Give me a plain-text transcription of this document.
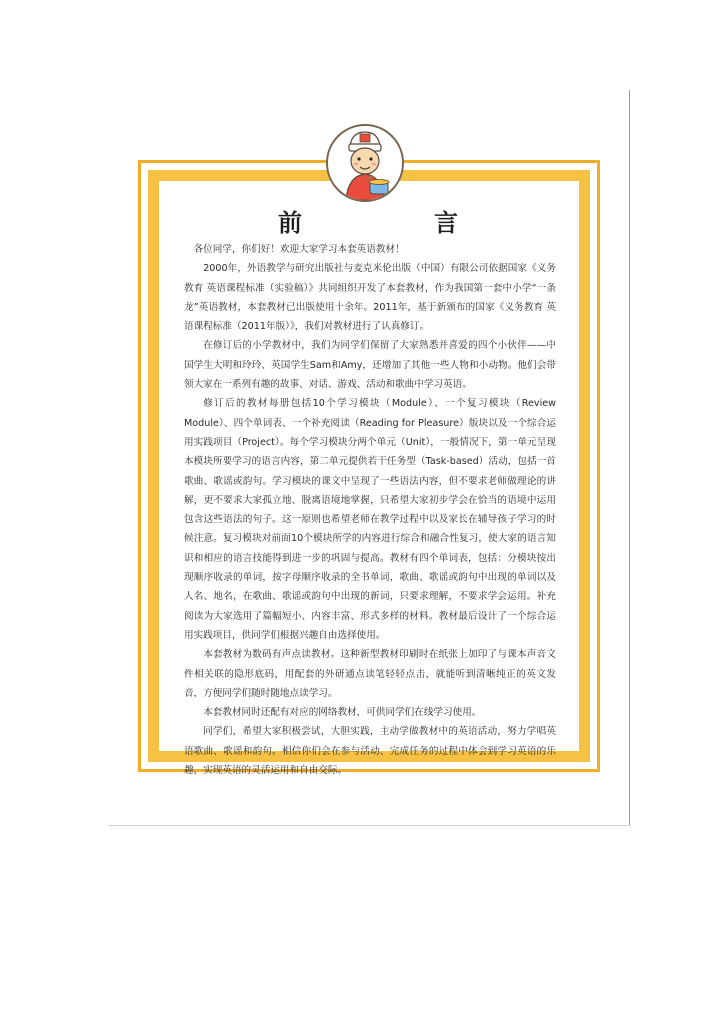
前　言

各位同学，你们好！欢迎大家学习本套英语教材！

2000年，外语教学与研究出版社与麦克米伦出版（中国）有限公司依据国家《义务教育 英语课程标准（实验稿）》共同组织开发了本套教材，作为我国第一套中小学“一条龙”英语教材，本套教材已出版使用十余年。2011年，基于新颁布的国家《义务教育 英语课程标准（2011年版）》，我们对教材进行了认真修订。

在修订后的小学教材中，我们为同学们保留了大家熟悉并喜爱的四个小伙伴——中国学生大明和玲玲、英国学生Sam和Amy，还增加了其他一些人物和小动物。他们会带领大家在一系列有趣的故事、对话、游戏、活动和歌曲中学习英语。

修订后的教材每册包括10个学习模块（Module）、一个复习模块（Review Module）、四个单词表、一个补充阅读（Reading for Pleasure）版块以及一个综合运用实践项目（Project）。每个学习模块分两个单元（Unit），一般情况下，第一单元呈现本模块所要学习的语言内容，第二单元提供若干任务型（Task-based）活动，包括一首歌曲、歌谣或韵句。学习模块的课文中呈现了一些语法内容，但不要求老师做理论的讲解，更不要求大家孤立地、脱离语境地掌握，只希望大家初步学会在恰当的语境中运用包含这些语法的句子。这一原则也希望老师在教学过程中以及家长在辅导孩子学习的时候注意。复习模块对前面10个模块所学的内容进行综合和融合性复习，使大家的语言知识和相应的语言技能得到进一步的巩固与提高。教材有四个单词表，包括：分模块按出现顺序收录的单词，按字母顺序收录的全书单词，歌曲、歌谣或韵句中出现的单词以及人名、地名，在歌曲、歌谣或韵句中出现的新词，只要求理解，不要求学会运用。补充阅读为大家选用了篇幅短小、内容丰富、形式多样的材料。教材最后设计了一个综合运用实践项目，供同学们根据兴趣自由选择使用。

本套教材为数码有声点读教材。这种新型教材印刷时在纸张上加印了与课本声音文件相关联的隐形底码，用配套的外研通点读笔轻轻点击，就能听到清晰纯正的英文发音，方便同学们随时随地点读学习。

本套教材同时还配有对应的网络教材，可供同学们在线学习使用。

同学们，希望大家积极尝试，大胆实践，主动学做教材中的英语活动，努力学唱英语歌曲、歌谣和韵句。相信你们会在参与活动、完成任务的过程中体会到学习英语的乐趣，实现英语的灵活运用和自由交际。
